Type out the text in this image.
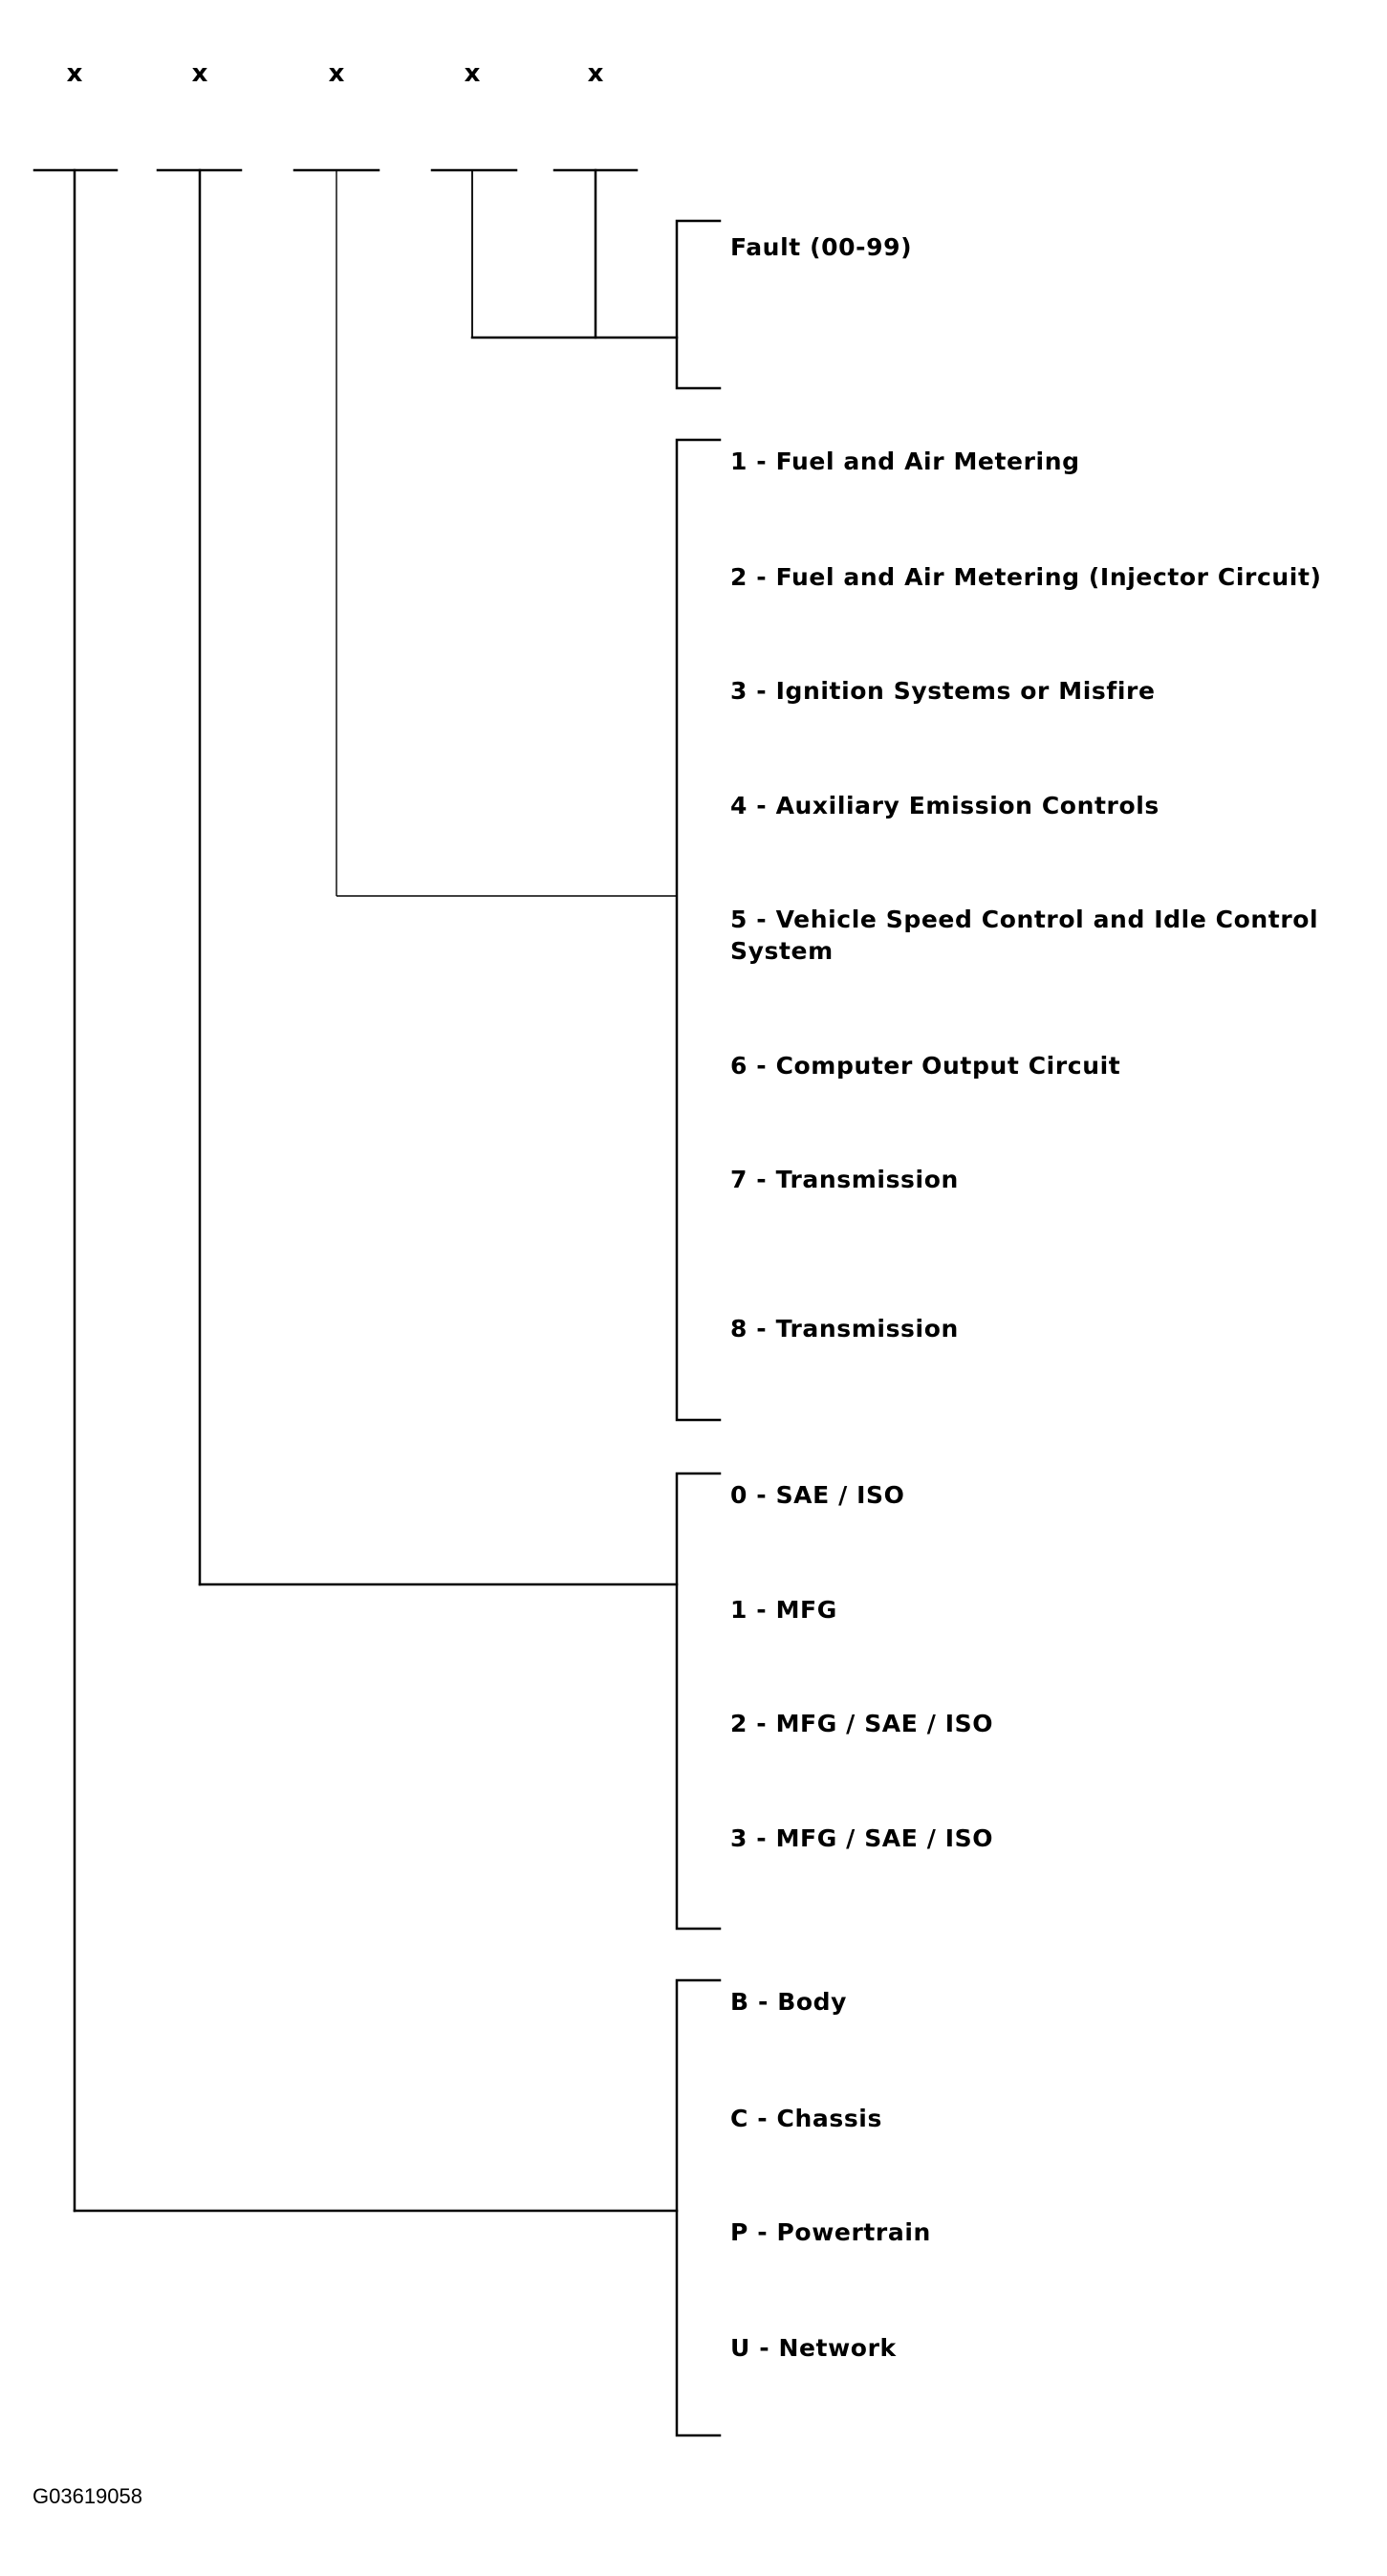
x	x	x	x	x
Fault (00-99)
1 - Fuel and Air Metering
2 - Fuel and Air Metering (Injector Circuit)
3 - Ignition Systems or Misfire
4 - Auxiliary Emission Controls
5 - Vehicle Speed Control and Idle Control System
6 - Computer Output Circuit
7 - Transmission
8 - Transmission
0 - SAE / ISO
1 - MFG
2 - MFG / SAE / ISO
3 - MFG / SAE / ISO
B - Body
C - Chassis
P - Powertrain
U - Network
G03619058
